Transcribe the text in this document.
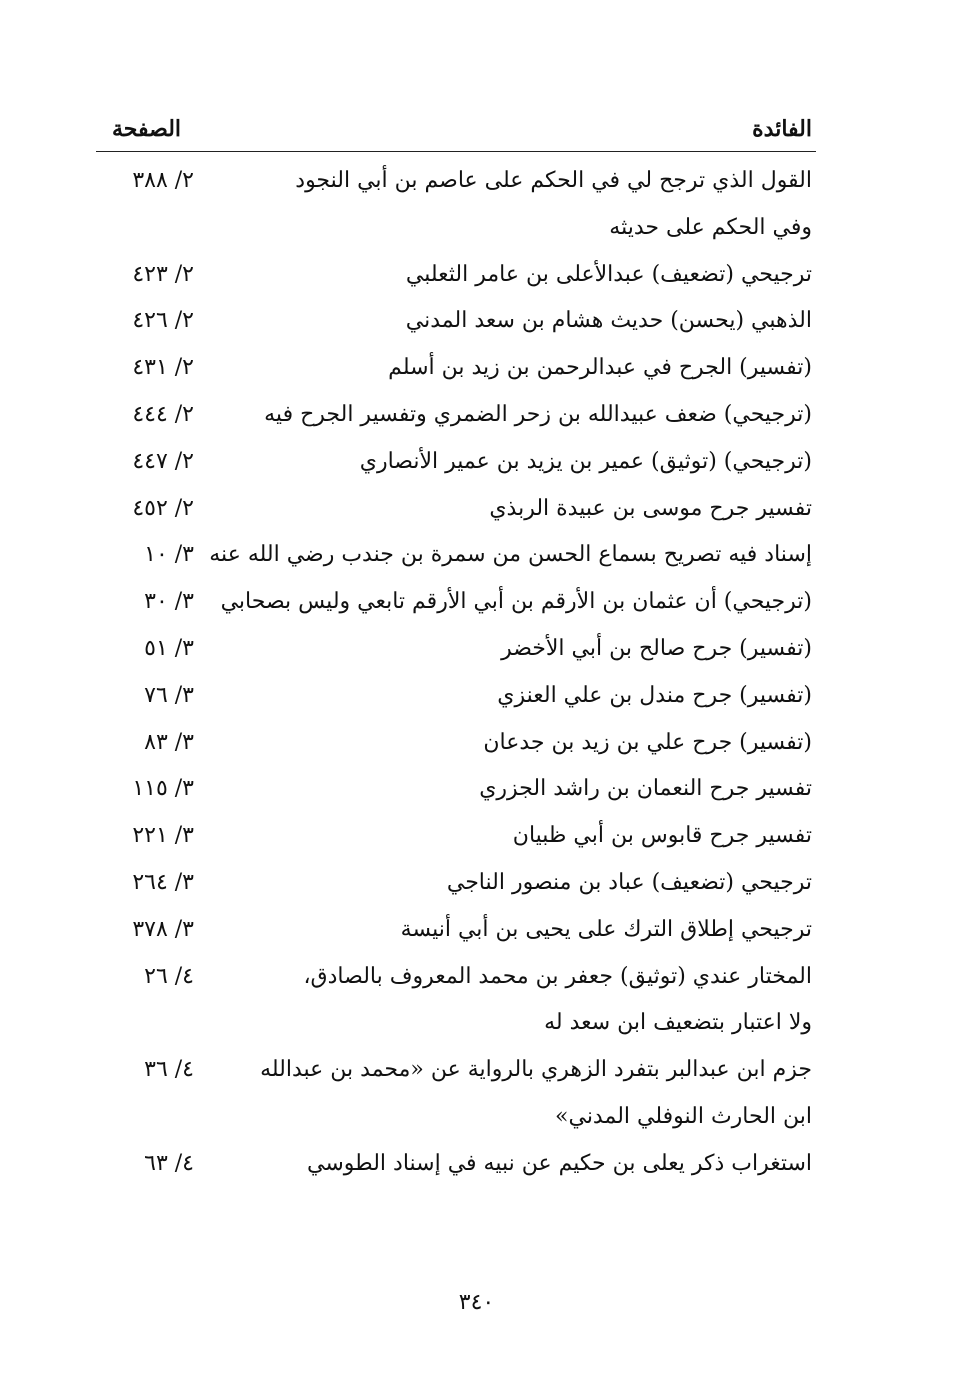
الفائدة
الصفحة
القول الذي ترجح لي في الحكم على عاصم بن أبي النجود
٢/ ٣٨٨
وفي الحكم على حديثه
ترجيحي (تضعيف) عبدالأعلى بن عامر الثعلبي
٢/ ٤٢٣
الذهبي (يحسن) حديث هشام بن سعد المدني
٢/ ٤٢٦
(تفسير) الجرح في عبدالرحمن بن زيد بن أسلم
٢/ ٤٣١
(ترجيحي) ضعف عبيدالله بن زحر الضمري وتفسير الجرح فيه
٢/ ٤٤٤
(ترجيحي) (توثيق) عمير بن يزيد بن عمير الأنصاري
٢/ ٤٤٧
تفسير جرح موسى بن عبيدة الربذي
٢/ ٤٥٢
إسناد فيه تصريح بسماع الحسن من سمرة بن جندب رضي الله عنه
٣/ ١٠
(ترجيحي) أن عثمان بن الأرقم بن أبي الأرقم تابعي وليس بصحابي
٣/ ٣٠
(تفسير) جرح صالح بن أبي الأخضر
٣/ ٥١
(تفسير) جرح مندل بن علي العنزي
٣/ ٧٦
(تفسير) جرح علي بن زيد بن جدعان
٣/ ٨٣
تفسير جرح النعمان بن راشد الجزري
٣/ ١١٥
تفسير جرح قابوس بن أبي ظبيان
٣/ ٢٢١
ترجيحي (تضعيف) عباد بن منصور الناجي
٣/ ٢٦٤
ترجيحي إطلاق الترك على يحيى بن أبي أنيسة
٣/ ٣٧٨
المختار عندي (توثيق) جعفر بن محمد المعروف بالصادق،
٤/ ٢٦
ولا اعتبار بتضعيف ابن سعد له
جزم ابن عبدالبر بتفرد الزهري بالرواية عن «محمد بن عبدالله
٤/ ٣٦
ابن الحارث النوفلي المدني»
استغراب ذكر يعلى بن حكيم عن نبيه في إسناد الطوسي
٤/ ٦٣
٣٤٠
